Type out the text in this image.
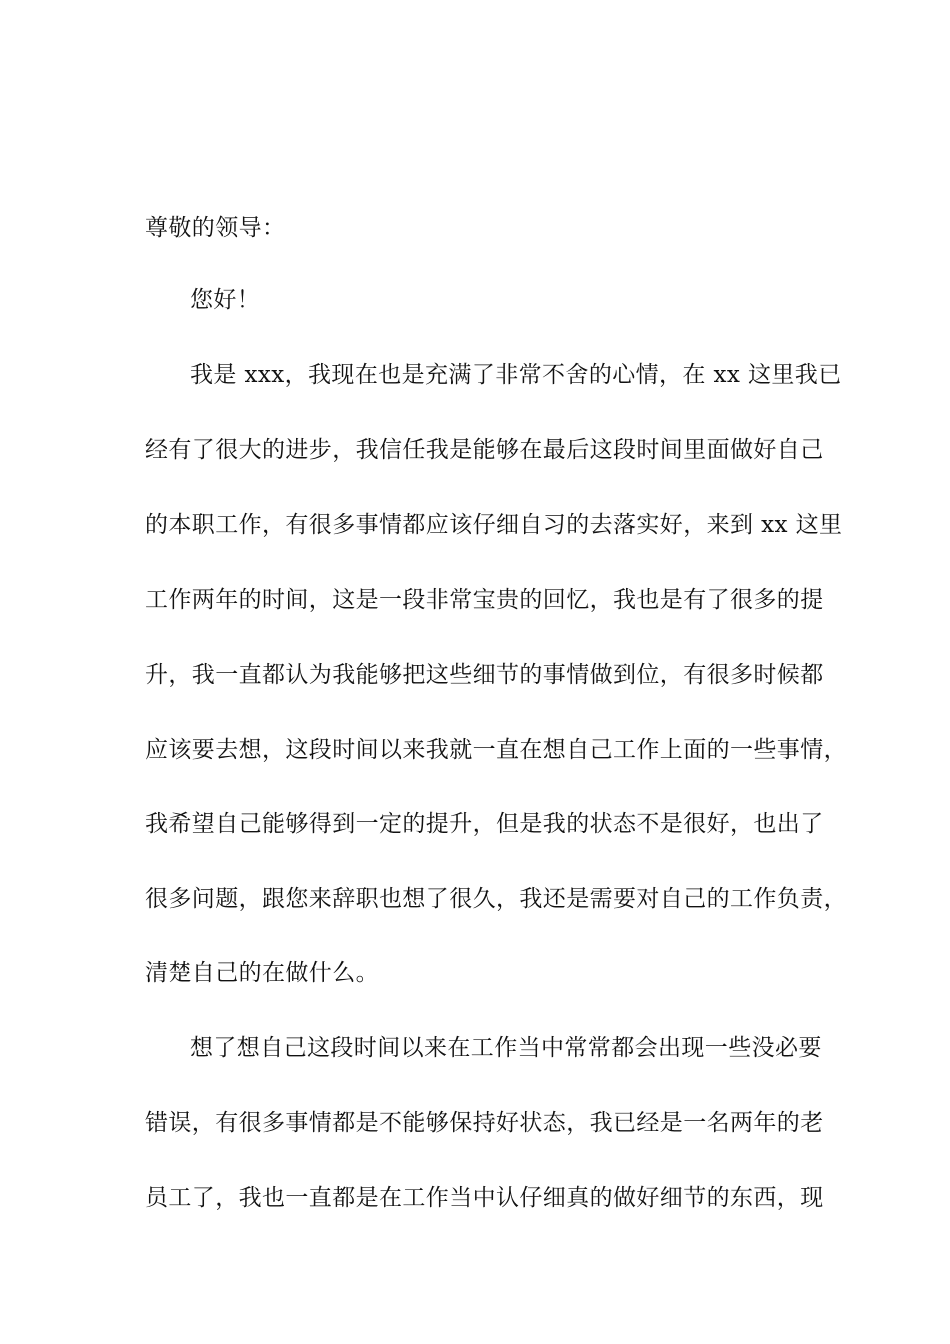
尊敬的领导：
您好！
我是 xxx，我现在也是充满了非常不舍的心情，在 xx 这里我已
经有了很大的进步，我信任我是能够在最后这段时间里面做好自己
的本职工作，有很多事情都应该仔细自习的去落实好，来到 xx 这里
工作两年的时间，这是一段非常宝贵的回忆，我也是有了很多的提
升，我一直都认为我能够把这些细节的事情做到位，有很多时候都
应该要去想，这段时间以来我就一直在想自己工作上面的一些事情，
我希望自己能够得到一定的提升，但是我的状态不是很好，也出了
很多问题，跟您来辞职也想了很久，我还是需要对自己的工作负责，
清楚自己的在做什么。
想了想自己这段时间以来在工作当中常常都会出现一些没必要
错误，有很多事情都是不能够保持好状态，我已经是一名两年的老
员工了，我也一直都是在工作当中认仔细真的做好细节的东西，现
